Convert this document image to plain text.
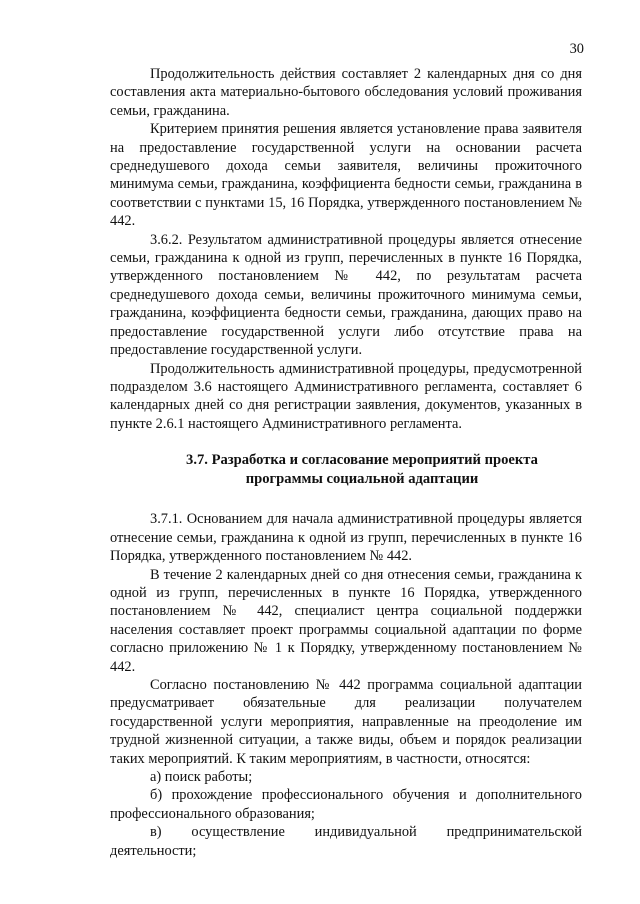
30

Продолжительность действия составляет 2 календарных дня со дня составления акта материально-бытового обследования условий проживания семьи, гражданина.

Критерием принятия решения является установление права заявителя на предоставление государственной услуги на основании расчета среднедушевого дохода семьи заявителя, величины прожиточного минимума семьи, гражданина, коэффициента бедности семьи, гражданина в соответствии с пунктами 15, 16 Порядка, утвержденного постановлением № 442.

3.6.2. Результатом административной процедуры является отнесение семьи, гражданина к одной из групп, перечисленных в пункте 16 Порядка, утвержденного постановлением № 442, по результатам расчета среднедушевого дохода семьи, величины прожиточного минимума семьи, гражданина, коэффициента бедности семьи, гражданина, дающих право на предоставление государственной услуги либо отсутствие права на предоставление государственной услуги.

Продолжительность административной процедуры, предусмотренной подразделом 3.6 настоящего Административного регламента, составляет 6 календарных дней со дня регистрации заявления, документов, указанных в пункте 2.6.1 настоящего Административного регламента.

3.7. Разработка и согласование мероприятий проекта
программы социальной адаптации

3.7.1. Основанием для начала административной процедуры является отнесение семьи, гражданина к одной из групп, перечисленных в пункте 16 Порядка, утвержденного постановлением № 442.

В течение 2 календарных дней со дня отнесения семьи, гражданина к одной из групп, перечисленных в пункте 16 Порядка, утвержденного постановлением № 442, специалист центра социальной поддержки населения составляет проект программы социальной адаптации по форме согласно приложению № 1 к Порядку, утвержденному постановлением № 442.

Согласно постановлению № 442 программа социальной адаптации предусматривает обязательные для реализации получателем государственной услуги мероприятия, направленные на преодоление им трудной жизненной ситуации, а также виды, объем и порядок реализации таких мероприятий. К таким мероприятиям, в частности, относятся:

а) поиск работы;

б) прохождение профессионального обучения и дополнительного профессионального образования;

в) осуществление индивидуальной предпринимательской деятельности;
